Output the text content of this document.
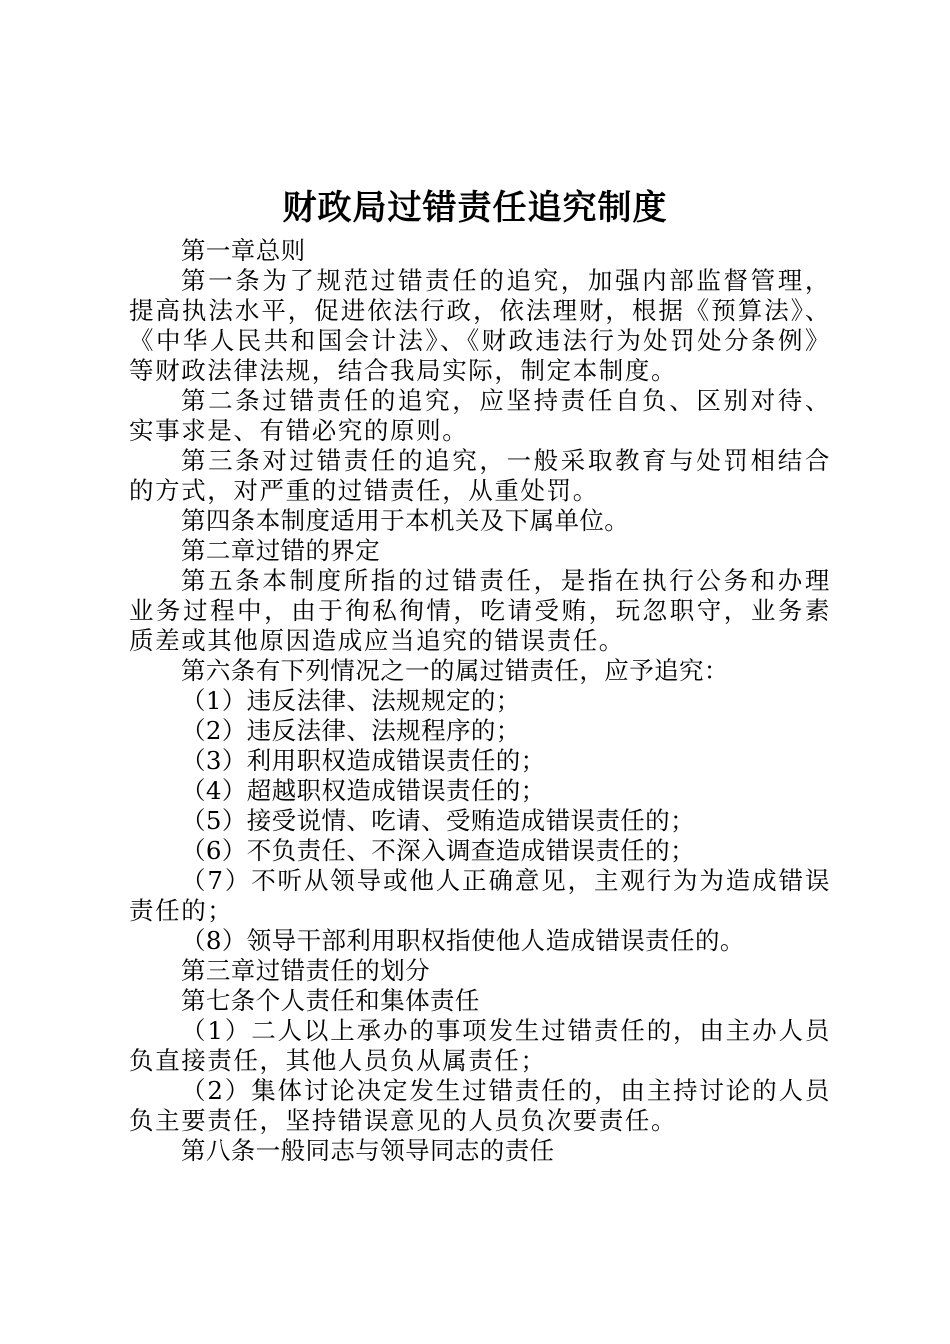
财政局过错责任追究制度

第一章总则

第一条为了规范过错责任的追究，加强内部监督管理，提高执法水平，促进依法行政，依法理财，根据《预算法》、《中华人民共和国会计法》、《财政违法行为处罚处分条例》等财政法律法规，结合我局实际，制定本制度。

第二条过错责任的追究，应坚持责任自负、区别对待、实事求是、有错必究的原则。

第三条对过错责任的追究，一般采取教育与处罚相结合的方式，对严重的过错责任，从重处罚。

第四条本制度适用于本机关及下属单位。

第二章过错的界定

第五条本制度所指的过错责任，是指在执行公务和办理业务过程中，由于徇私徇情，吃请受贿，玩忽职守，业务素质差或其他原因造成应当追究的错误责任。

第六条有下列情况之一的属过错责任，应予追究：

（1）违反法律、法规规定的；

（2）违反法律、法规程序的；

（3）利用职权造成错误责任的；

（4）超越职权造成错误责任的；

（5）接受说情、吃请、受贿造成错误责任的；

（6）不负责任、不深入调查造成错误责任的；

（7）不听从领导或他人正确意见，主观行为为造成错误责任的；

（8）领导干部利用职权指使他人造成错误责任的。

第三章过错责任的划分

第七条个人责任和集体责任

（1）二人以上承办的事项发生过错责任的，由主办人员负直接责任，其他人员负从属责任；

（2）集体讨论决定发生过错责任的，由主持讨论的人员负主要责任，坚持错误意见的人员负次要责任。

第八条一般同志与领导同志的责任
